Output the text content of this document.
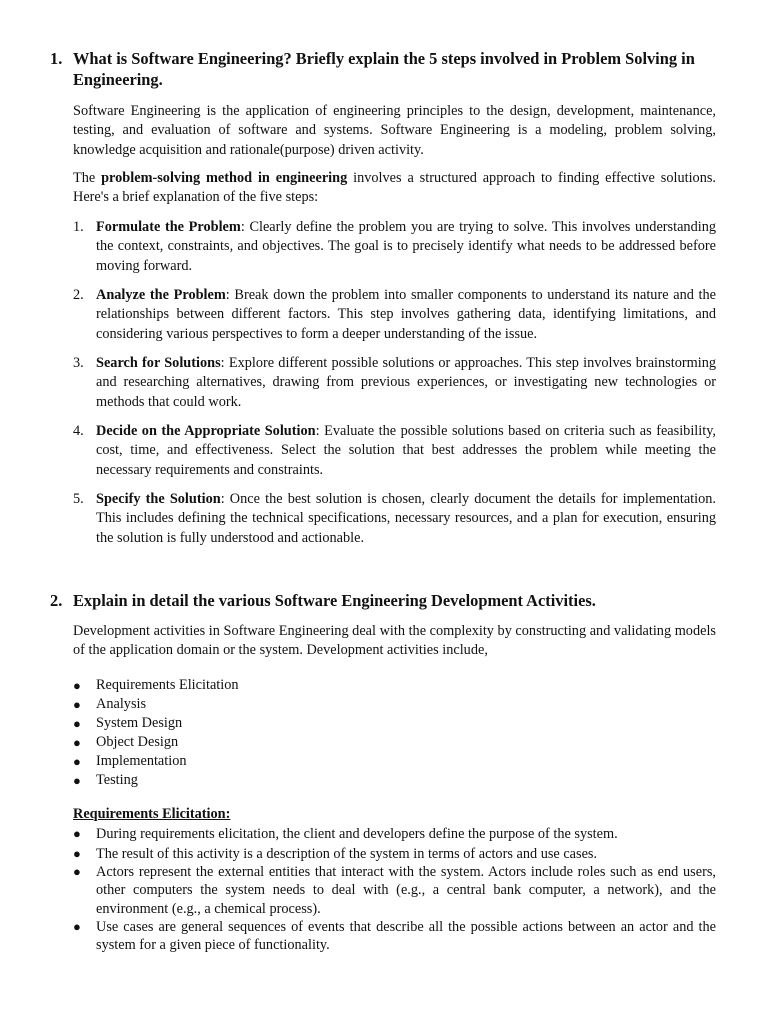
1. What is Software Engineering? Briefly explain the 5 steps involved in Problem Solving in Engineering.
Software Engineering is the application of engineering principles to the design, development, maintenance, testing, and evaluation of software and systems. Software Engineering is a modeling, problem solving, knowledge acquisition and rationale(purpose) driven activity.
The problem-solving method in engineering involves a structured approach to finding effective solutions. Here's a brief explanation of the five steps:
1. Formulate the Problem: Clearly define the problem you are trying to solve. This involves understanding the context, constraints, and objectives. The goal is to precisely identify what needs to be addressed before moving forward.
2. Analyze the Problem: Break down the problem into smaller components to understand its nature and the relationships between different factors. This step involves gathering data, identifying limitations, and considering various perspectives to form a deeper understanding of the issue.
3. Search for Solutions: Explore different possible solutions or approaches. This step involves brainstorming and researching alternatives, drawing from previous experiences, or investigating new technologies or methods that could work.
4. Decide on the Appropriate Solution: Evaluate the possible solutions based on criteria such as feasibility, cost, time, and effectiveness. Select the solution that best addresses the problem while meeting the necessary requirements and constraints.
5. Specify the Solution: Once the best solution is chosen, clearly document the details for implementation. This includes defining the technical specifications, necessary resources, and a plan for execution, ensuring the solution is fully understood and actionable.
2. Explain in detail the various Software Engineering Development Activities.
Development activities in Software Engineering deal with the complexity by constructing and validating models of the application domain or the system. Development activities include,
● Requirements Elicitation
● Analysis
● System Design
● Object Design
● Implementation
● Testing
Requirements Elicitation:
● During requirements elicitation, the client and developers define the purpose of the system.
● The result of this activity is a description of the system in terms of actors and use cases.
● Actors represent the external entities that interact with the system. Actors include roles such as end users, other computers the system needs to deal with (e.g., a central bank computer, a network), and the environment (e.g., a chemical process).
● Use cases are general sequences of events that describe all the possible actions between an actor and the system for a given piece of functionality.
